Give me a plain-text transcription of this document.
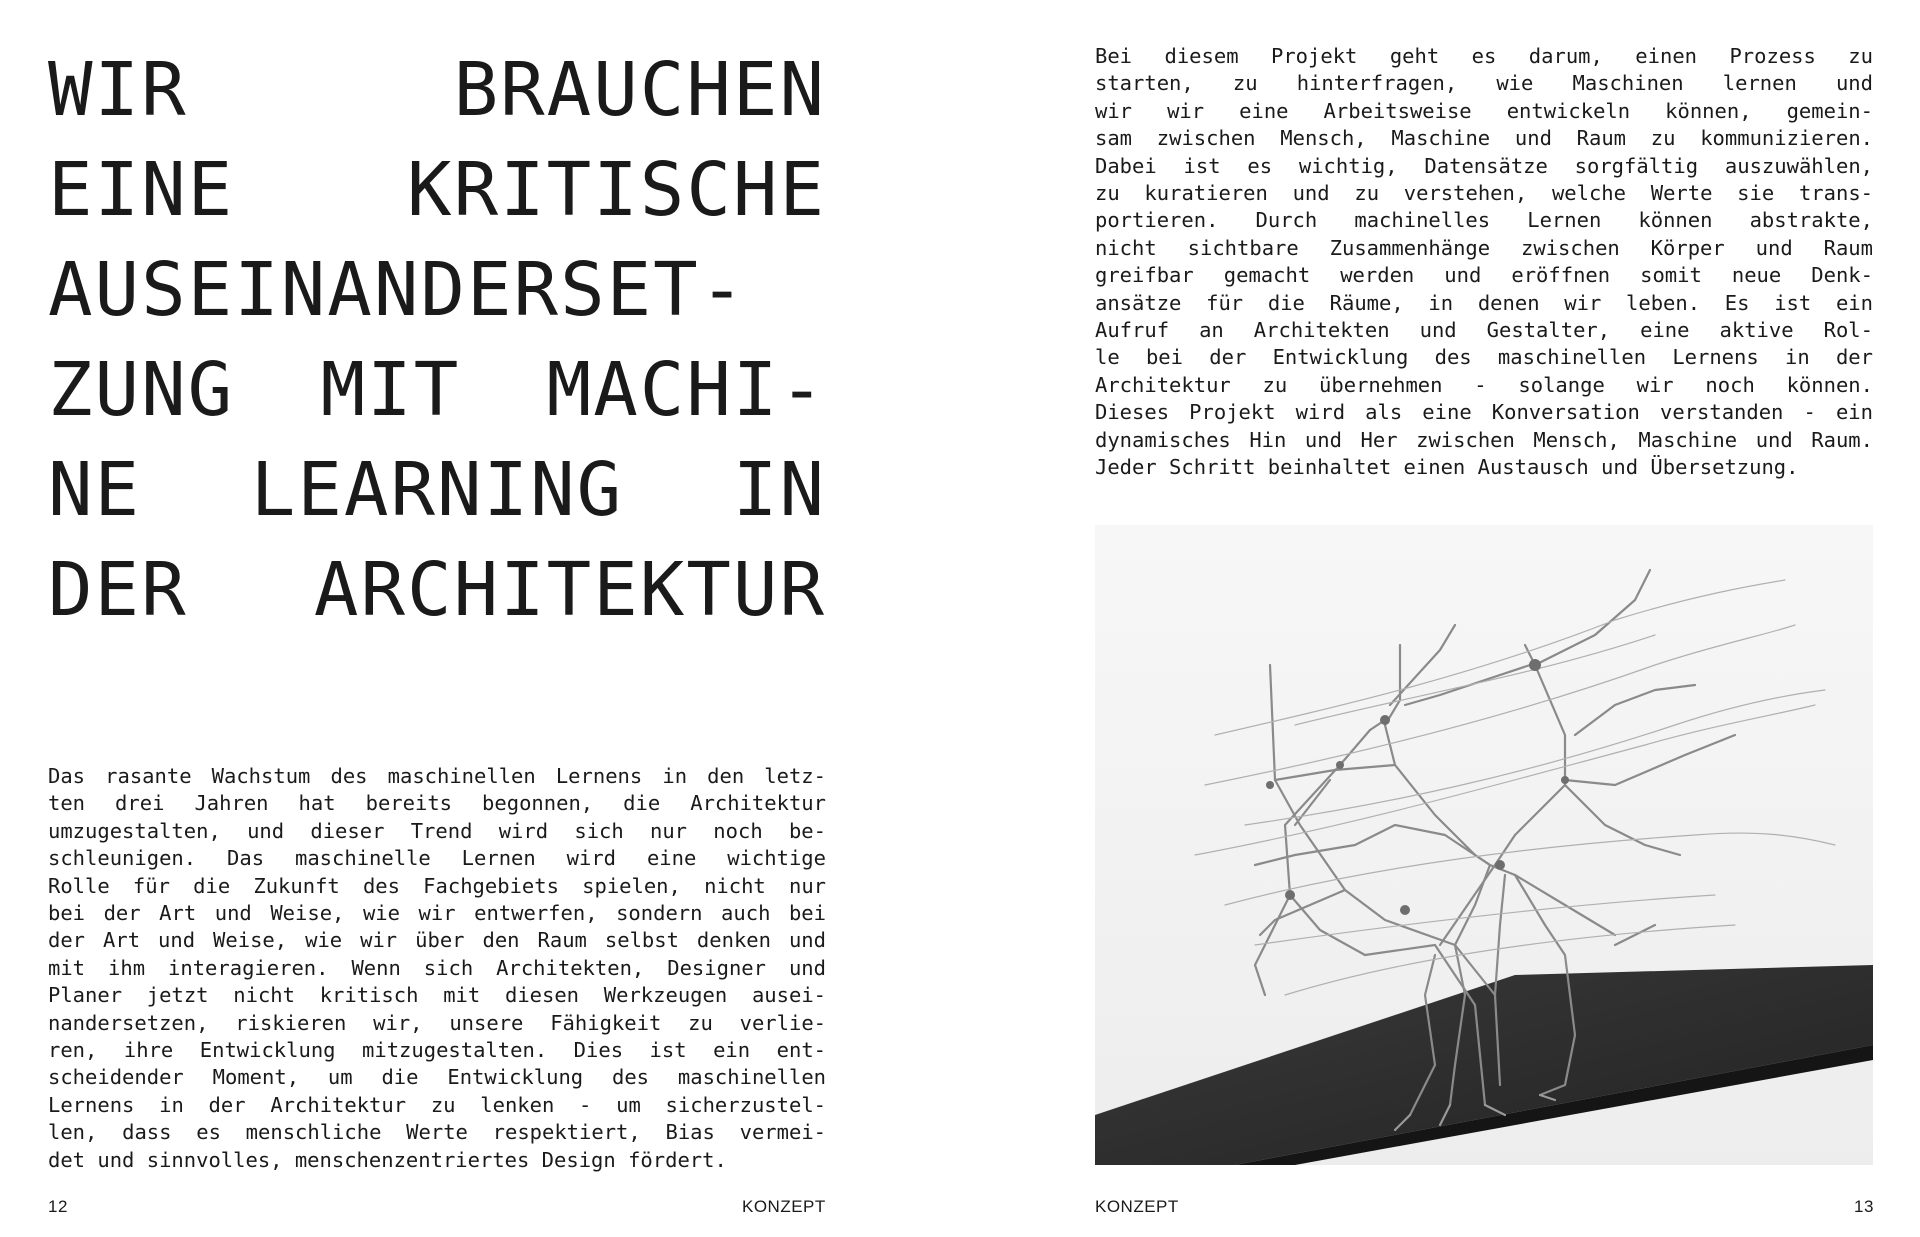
WIR BRAUCHEN
EINE KRITISCHE
AUSEINANDERSET-
ZUNG MIT MACHI-
NE LEARNING IN
DER ARCHITEKTUR

Das rasante Wachstum des maschinellen Lernens in den letz-
ten drei Jahren hat bereits begonnen, die Architektur
umzugestalten, und dieser Trend wird sich nur noch be-
schleunigen. Das maschinelle Lernen wird eine wichtige
Rolle für die Zukunft des Fachgebiets spielen, nicht nur
bei der Art und Weise, wie wir entwerfen, sondern auch bei
der Art und Weise, wie wir über den Raum selbst denken und
mit ihm interagieren. Wenn sich Architekten, Designer und
Planer jetzt nicht kritisch mit diesen Werkzeugen ausei-
nandersetzen, riskieren wir, unsere Fähigkeit zu verlie-
ren, ihre Entwicklung mitzugestalten. Dies ist ein ent-
scheidender Moment, um die Entwicklung des maschinellen
Lernens in der Architektur zu lenken - um sicherzustel-
len, dass es menschliche Werte respektiert, Bias vermei-
det und sinnvolles, menschenzentriertes Design fördert.

12	KONZEPT

Bei diesem Projekt geht es darum, einen Prozess zu
starten, zu hinterfragen, wie Maschinen lernen und
wir wir eine Arbeitsweise entwickeln können, gemein-
sam zwischen Mensch, Maschine und Raum zu kommunizieren.
Dabei ist es wichtig, Datensätze sorgfältig auszuwählen,
zu kuratieren und zu verstehen, welche Werte sie trans-
portieren. Durch machinelles Lernen können abstrakte,
nicht sichtbare Zusammenhänge zwischen Körper und Raum
greifbar gemacht werden und eröffnen somit neue Denk-
ansätze für die Räume, in denen wir leben. Es ist ein
Aufruf an Architekten und Gestalter, eine aktive Rol-
le bei der Entwicklung des maschinellen Lernens in der
Architektur zu übernehmen - solange wir noch können.
Dieses Projekt wird als eine Konversation verstanden - ein
dynamisches Hin und Her zwischen Mensch, Maschine und Raum.
Jeder Schritt beinhaltet einen Austausch und Übersetzung.

KONZEPT	13
